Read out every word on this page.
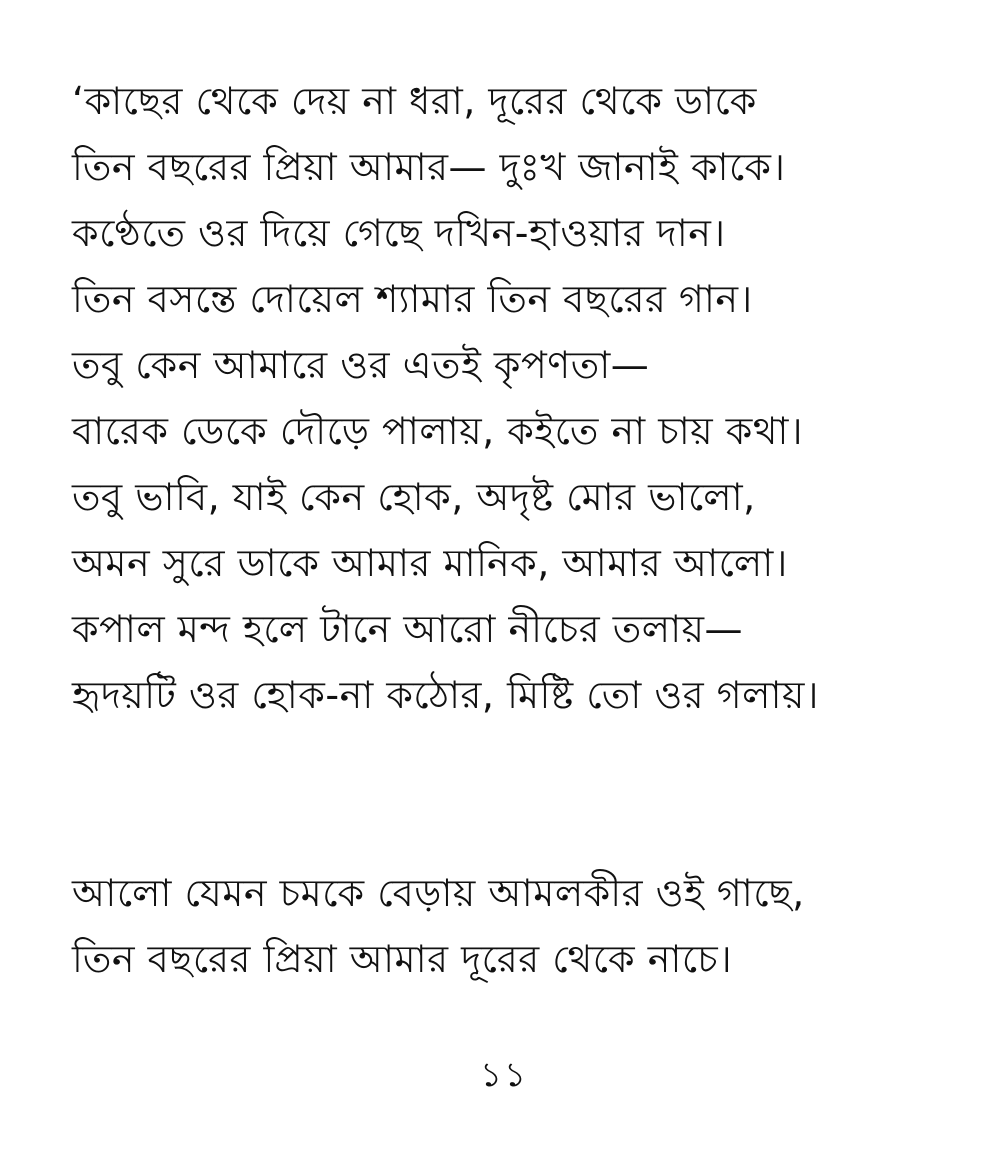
‘কাছের থেকে দেয় না ধরা, দূরের থেকে ডাকে
তিন বছরের প্রিয়া আমার— দুঃখ জানাই কাকে।
কণ্ঠেতে ওর দিয়ে গেছে দখিন-হাওয়ার দান।
তিন বসন্তে দোয়েল শ্যামার তিন বছরের গান।
তবু কেন আমারে ওর এতই কৃপণতা—
বারেক ডেকে দৌড়ে পালায়, কইতে না চায় কথা।
তবু ভাবি, যাই কেন হোক, অদৃষ্ট মোর ভালো,
অমন সুরে ডাকে আমার মানিক, আমার আলো।
কপাল মন্দ হলে টানে আরো নীচের তলায়—
হৃদয়টি ওর হোক-না কঠোর, মিষ্টি তো ওর গলায়।
আলো যেমন চমকে বেড়ায় আমলকীর ওই গাছে,
তিন বছরের প্রিয়া আমার দূরের থেকে নাচে।
১১
